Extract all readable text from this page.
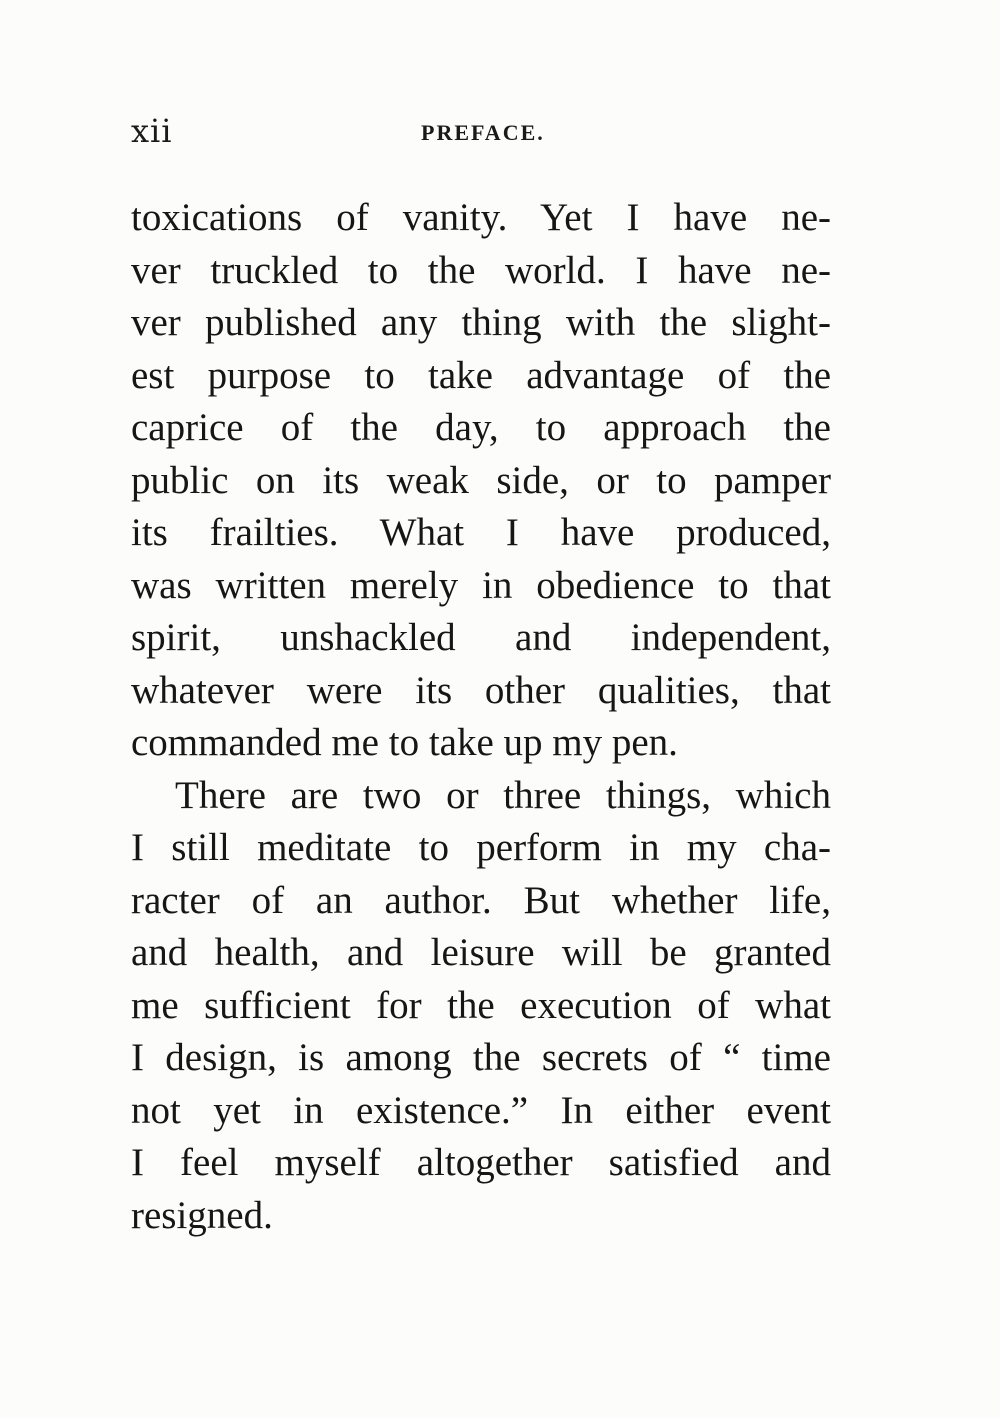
xii	PREFACE.
toxications of vanity. Yet I have ne-
ver truckled to the world. I have ne-
ver published any thing with the slight-
est purpose to take advantage of the
caprice of the day, to approach the
public on its weak side, or to pamper
its frailties. What I have produced,
was written merely in obedience to that
spirit, unshackled and independent,
whatever were its other qualities, that
commanded me to take up my pen.
There are two or three things, which
I still meditate to perform in my cha-
racter of an author. But whether life,
and health, and leisure will be granted
me sufficient for the execution of what
I design, is among the secrets of “ time
not yet in existence.” In either event
I feel myself altogether satisfied and
resigned.
